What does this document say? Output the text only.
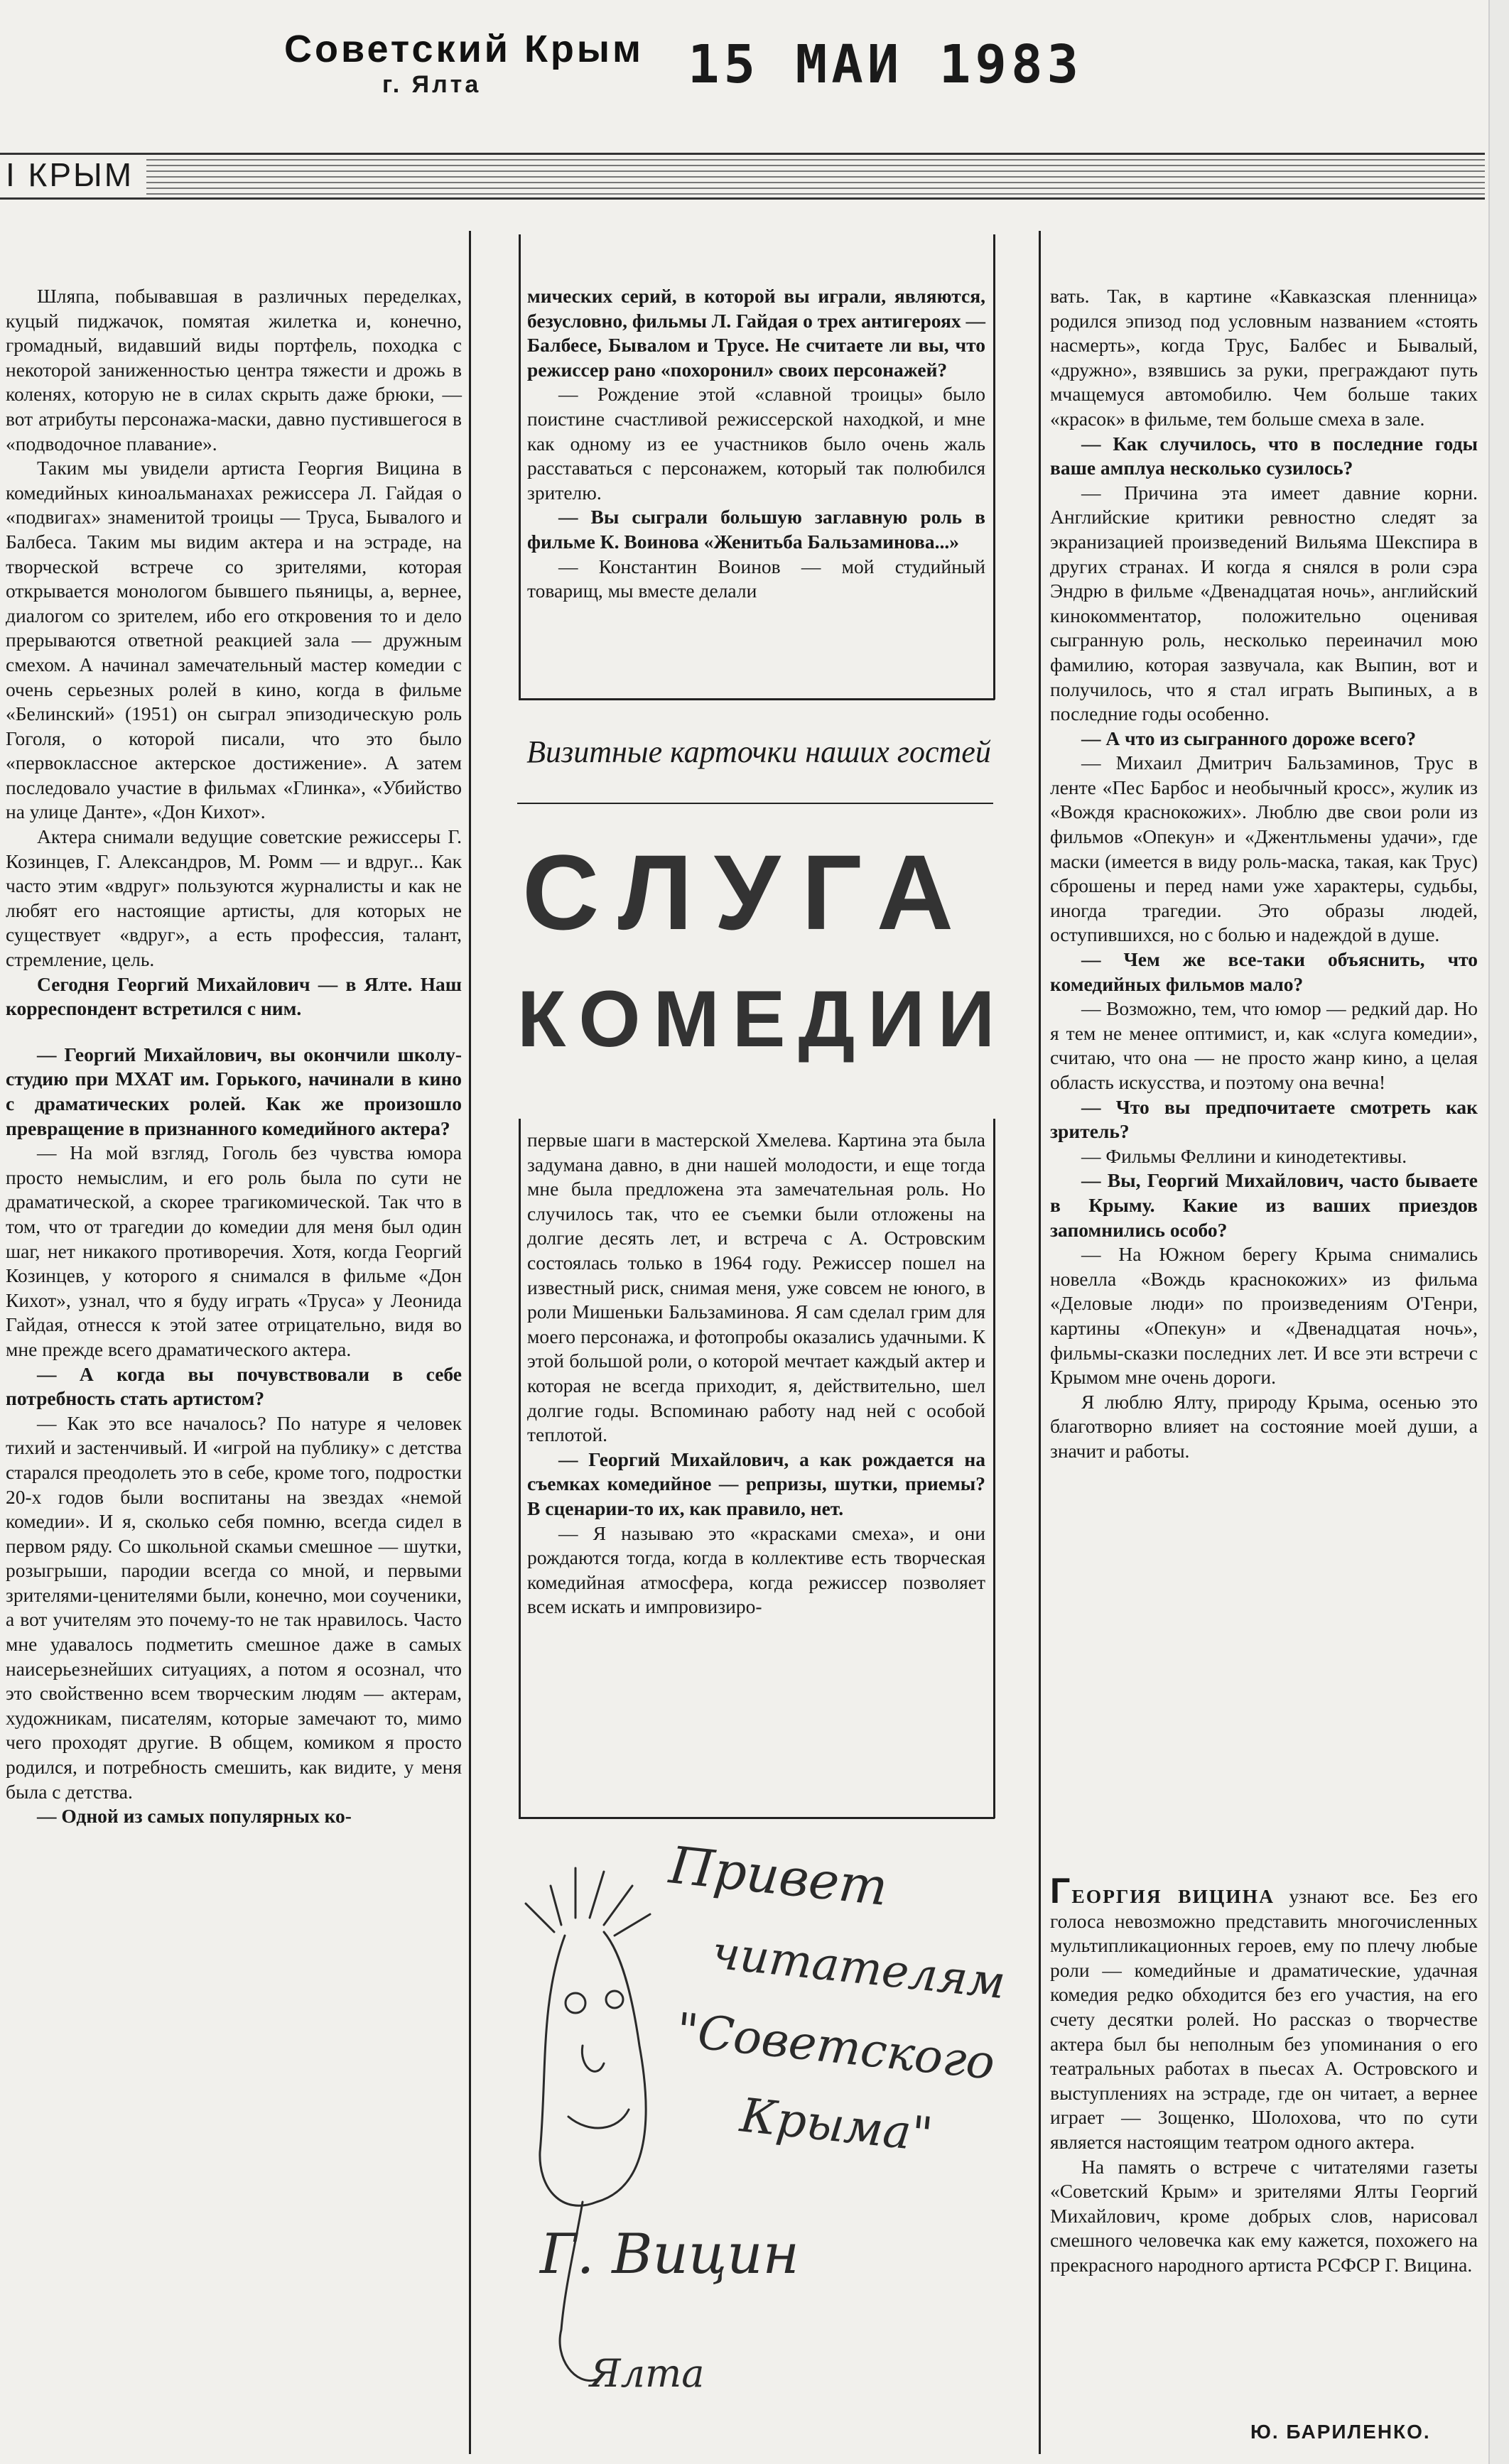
Советский Крым
г. Ялта	15 МАИ 1983
I КРЫМ

Шляпа, побывавшая в различных переделках, куцый пиджачок, помятая жилетка и, конечно, громадный, видавший виды портфель, походка с некоторой заниженностью центра тяжести и дрожь в коленях, которую не в силах скрыть даже брюки, — вот атрибуты персонажа-маски, давно пустившегося в «подводочное плавание».

Таким мы увидели артиста Георгия Вицина в комедийных киноальманахах режиссера Л. Гайдая о «подвигах» знаменитой троицы — Труса, Бывалого и Балбеса. Таким мы видим актера и на эстраде, на творческой встрече со зрителями, которая открывается монологом бывшего пьяницы, а, вернее, диалогом со зрителем, ибо его откровения то и дело прерываются ответной реакцией зала — дружным смехом. А начинал замечательный мастер комедии с очень серьезных ролей в кино, когда в фильме «Белинский» (1951) он сыграл эпизодическую роль Гоголя, о которой писали, что это было «первоклассное актерское достижение». А затем последовало участие в фильмах «Глинка», «Убийство на улице Данте», «Дон Кихот».

Актера снимали ведущие советские режиссеры Г. Козинцев, Г. Александров, М. Ромм — и вдруг... Как часто этим «вдруг» пользуются журналисты и как не любят его настоящие артисты, для которых не существует «вдруг», а есть профессия, талант, стремление, цель.

Сегодня Георгий Михайлович — в Ялте. Наш корреспондент встретился с ним.

— Георгий Михайлович, вы окончили школу-студию при МХАТ им. Горького, начинали в кино с драматических ролей. Как же произошло превращение в признанного комедийного актера?

— На мой взгляд, Гоголь без чувства юмора просто немыслим, и его роль была по сути не драматической, а скорее трагикомической. Так что в том, что от трагедии до комедии для меня был один шаг, нет никакого противоречия. Хотя, когда Георгий Козинцев, у которого я снимался в фильме «Дон Кихот», узнал, что я буду играть «Труса» у Леонида Гайдая, отнесся к этой затее отрицательно, видя во мне прежде всего драматического актера.

— А когда вы почувствовали в себе потребность стать артистом?

— Как это все началось? По натуре я человек тихий и застенчивый. И «игрой на публику» с детства старался преодолеть это в себе, кроме того, подростки 20-х годов были воспитаны на звездах «немой комедии». И я, сколько себя помню, всегда сидел в первом ряду. Со школьной скамьи смешное — шутки, розыгрыши, пародии всегда со мной, и первыми зрителями-ценителями были, конечно, мои соученики, а вот учителям это почему-то не так нравилось. Часто мне удавалось подметить смешное даже в самых наисерьезнейших ситуациях, а потом я осознал, что это свойственно всем творческим людям — актерам, художникам, писателям, которые замечают то, мимо чего проходят другие. В общем, комиком я просто родился, и потребность смешить, как видите, у меня была с детства.

— Одной из самых популярных ко-

мических серий, в которой вы играли, являются, безусловно, фильмы Л. Гайдая о трех антигероях — Балбесе, Бывалом и Трусе. Не считаете ли вы, что режиссер рано «похоронил» своих персонажей?

— Рождение этой «славной троицы» было поистине счастливой режиссерской находкой, и мне как одному из ее участников было очень жаль расставаться с персонажем, который так полюбился зрителю.

— Вы сыграли большую заглавную роль в фильме К. Воинова «Женитьба Бальзаминова...»

— Константин Воинов — мой студийный товарищ, мы вместе делали

Визитные карточки наших гостей
СЛУГА
КОМЕДИИ

первые шаги в мастерской Хмелева. Картина эта была задумана давно, в дни нашей молодости, и еще тогда мне была предложена эта замечательная роль. Но случилось так, что ее съемки были отложены на долгие десять лет, и встреча с А. Островским состоялась только в 1964 году. Режиссер пошел на известный риск, снимая меня, уже совсем не юного, в роли Мишеньки Бальзаминова. Я сам сделал грим для моего персонажа, и фотопробы оказались удачными. К этой большой роли, о которой мечтает каждый актер и которая не всегда приходит, я, действительно, шел долгие годы. Вспоминаю работу над ней с особой теплотой.

— Георгий Михайлович, а как рождается на съемках комедийное — репризы, шутки, приемы? В сценарии-то их, как правило, нет.

— Я называю это «красками смеха», и они рождаются тогда, когда в коллективе есть творческая комедийная атмосфера, когда режиссер позволяет всем искать и импровизиро-

вать. Так, в картине «Кавказская пленница» родился эпизод под условным названием «стоять насмерть», когда Трус, Балбес и Бывалый, «дружно», взявшись за руки, преграждают путь мчащемуся автомобилю. Чем больше таких «красок» в фильме, тем больше смеха в зале.

— Как случилось, что в последние годы ваше амплуа несколько сузилось?

— Причина эта имеет давние корни. Английские критики ревностно следят за экранизацией произведений Вильяма Шекспира в других странах. И когда я снялся в роли сэра Эндрю в фильме «Двенадцатая ночь», английский кинокомментатор, положительно оценивая сыгранную роль, несколько переиначил мою фамилию, которая зазвучала, как Выпин, вот и получилось, что я стал играть Выпиных, а в последние годы особенно.

— А что из сыгранного дороже всего?

— Михаил Дмитрич Бальзаминов, Трус в ленте «Пес Барбос и необычный кросс», жулик из «Вождя краснокожих». Люблю две свои роли из фильмов «Опекун» и «Джентльмены удачи», где маски (имеется в виду роль-маска, такая, как Трус) сброшены и перед нами уже характеры, судьбы, иногда трагедии. Это образы людей, оступившихся, но с болью и надеждой в душе.

— Чем же все-таки объяснить, что комедийных фильмов мало?

— Возможно, тем, что юмор — редкий дар. Но я тем не менее оптимист, и, как «слуга комедии», считаю, что она — не просто жанр кино, а целая область искусства, и поэтому она вечна!

— Что вы предпочитаете смотреть как зритель?

— Фильмы Феллини и кинодетективы.

— Вы, Георгий Михайлович, часто бываете в Крыму. Какие из ваших приездов запомнились особо?

— На Южном берегу Крыма снимались новелла «Вождь краснокожих» из фильма «Деловые люди» по произведениям О'Генри, картины «Опекун» и «Двенадцатая ночь», фильмы-сказки последних лет. И все эти встречи с Крымом мне очень дороги.

Я люблю Ялту, природу Крыма, осенью это благотворно влияет на состояние моей души, а значит и работы.

ГЕОРГИЯ ВИЦИНА узнают все. Без его голоса невозможно представить многочисленных мультипликационных героев, ему по плечу любые роли — комедийные и драматические, удачная комедия редко обходится без его участия, на его счету десятки ролей. Но рассказ о творчестве актера был бы неполным без упоминания о его театральных работах в пьесах А. Островского и выступлениях на эстраде, где он читает, а вернее играет — Зощенко, Шолохова, что по сути является настоящим театром одного актера.

На память о встрече с читателями газеты «Советский Крым» и зрителями Ялты Георгий Михайлович, кроме добрых слов, нарисовал смешного человечка как ему кажется, похожего на прекрасного народного артиста РСФСР Г. Вицина.

Ю. БАРИЛЕНКО.
Привет
читателям
"Советского
Крыма"
Г. Вицин
Ялта
